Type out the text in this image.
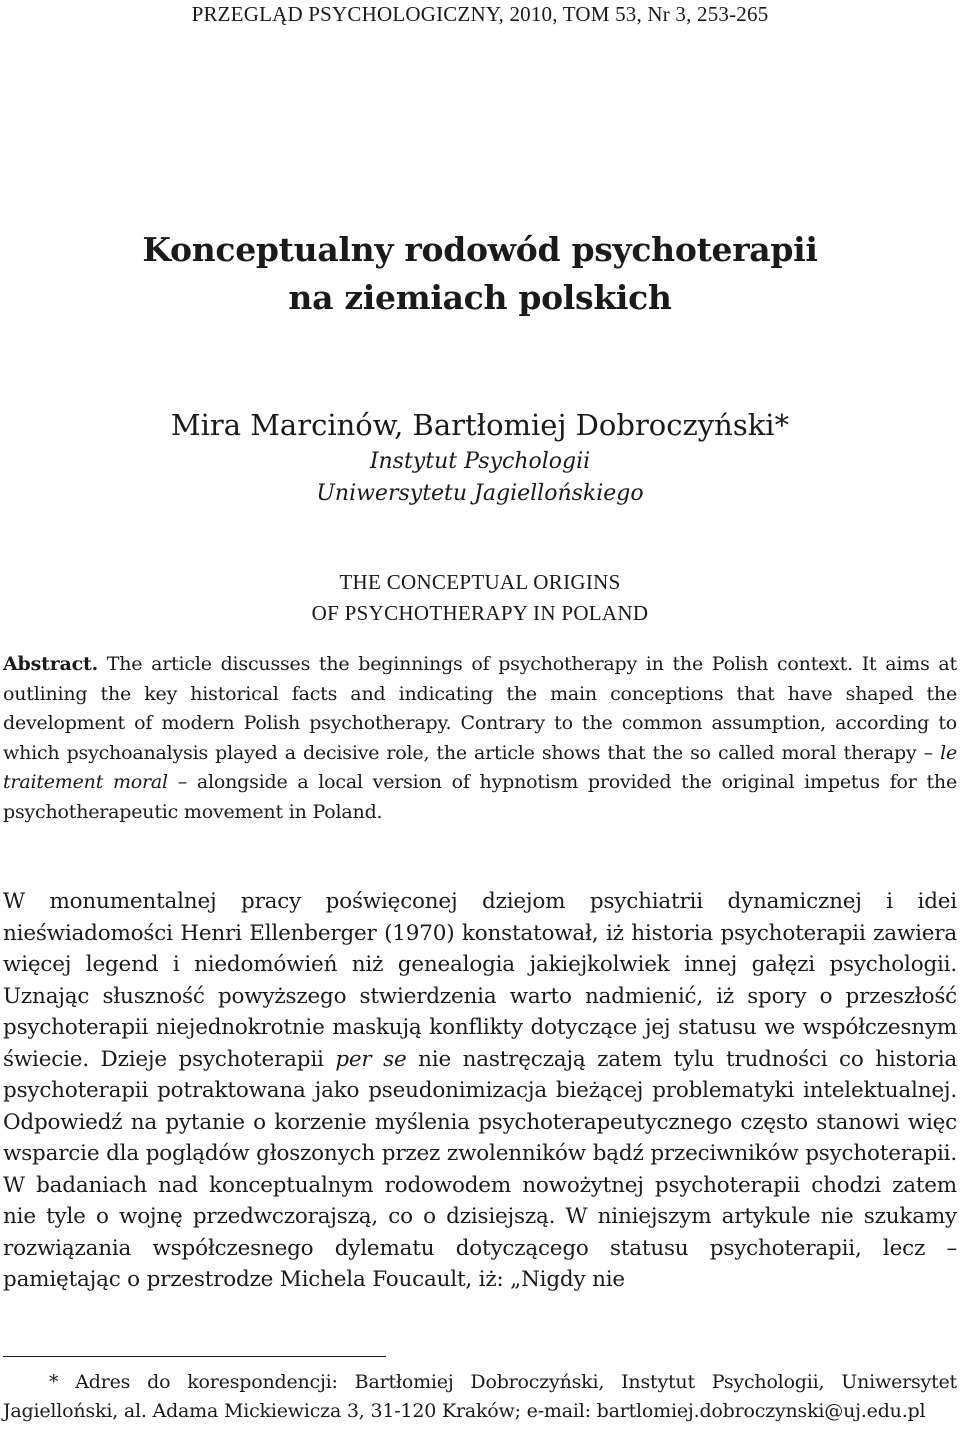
PRZEGLĄD PSYCHOLOGICZNY, 2010, TOM 53, Nr 3, 253-265
Konceptualny rodowód psychoterapii
na ziemiach polskich
Mira Marcinów, Bartłomiej Dobroczyński*
Instytut Psychologii
Uniwersytetu Jagiellońskiego
THE CONCEPTUAL ORIGINS
OF PSYCHOTHERAPY IN POLAND
Abstract. The article discusses the beginnings of psychotherapy in the Polish context. It aims at outlining the key historical facts and indicating the main conceptions that have shaped the development of modern Polish psychotherapy. Contrary to the common assumption, according to which psychoanalysis played a decisive role, the article shows that the so called moral therapy – le traitement moral – alongside a local version of hypnotism provided the original impetus for the psychotherapeutic movement in Poland.
W monumentalnej pracy poświęconej dziejom psychiatrii dynamicznej i idei nieświadomości Henri Ellenberger (1970) konstatował, iż historia psychoterapii zawiera więcej legend i niedomówień niż genealogia jakiejkolwiek innej gałęzi psychologii. Uznając słuszność powyższego stwierdzenia warto nadmienić, iż spory o przeszłość psychoterapii niejednokrotnie maskują konflikty dotyczące jej statusu we współczesnym świecie. Dzieje psychoterapii per se nie nastręczają zatem tylu trudności co historia psychoterapii potraktowana jako pseudonimizacja bieżącej problematyki intelektualnej. Odpowiedź na pytanie o korzenie myślenia psychoterapeutycznego często stanowi więc wsparcie dla poglądów głoszonych przez zwolenników bądź przeciwników psychoterapii. W badaniach nad konceptualnym rodowodem nowożytnej psychoterapii chodzi zatem nie tyle o wojnę przedwczorajszą, co o dzisiejszą. W niniejszym artykule nie szukamy rozwiązania współczesnego dylematu dotyczącego statusu psychoterapii, lecz – pamiętając o przestrodze Michela Foucault, iż: „Nigdy nie
* Adres do korespondencji: Bartłomiej Dobroczyński, Instytut Psychologii, Uniwersytet Jagielloński, al. Adama Mickiewicza 3, 31-120 Kraków; e-mail: bartlomiej.dobroczynski@uj.edu.pl
